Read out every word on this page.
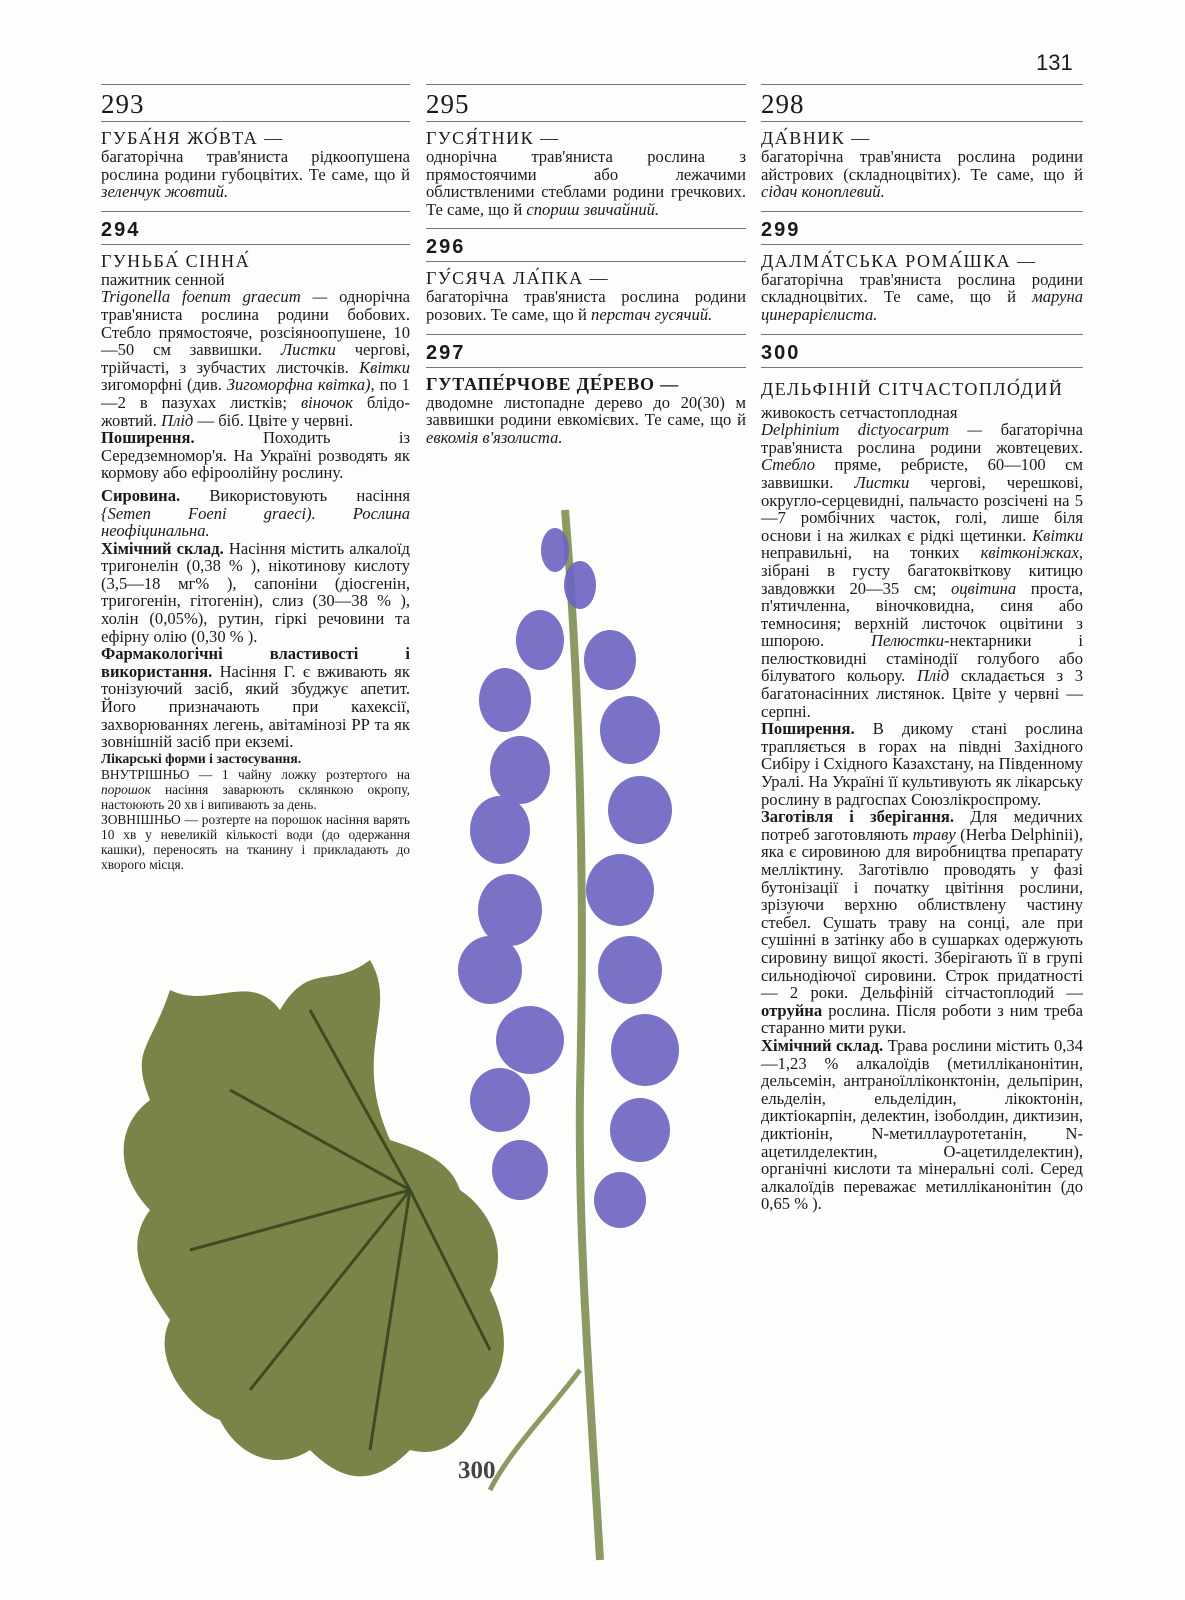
131
300
293
ГУБА́НЯ ЖО́ВТА —

багаторічна трав'яниста рідкоопушена рослина родини губоцвітих. Те саме, що й зеленчук жовтий.

294
ГУНЬБА́ СІННА́

пажитник сенной
Trigonella foenum graecum — однорічна трав'яниста рослина родини бобових. Стебло прямостояче, розсіяноопушене, 10—50 см заввишки. Листки чергові, трійчасті, з зубчастих листочків. Квітки зигоморфні (див. Зигоморфна квітка), по 1—2 в пазухах листків; віночок блідо-жовтий. Плід — біб. Цвіте у червні.

Поширення.	Походить із Середземномор'я. На Україні розводять як кормову або ефіроолійну рослину.

Сировина. Використовують насіння {Semen Foeni graeci). Рослина неофіцинальна.

Хімічний склад. Насіння містить алкалоїд тригонелін (0,38 % ), нікотинову кислоту (3,5—18 мг% ), сапоніни (діосгенін, тригогенін, гітогенін), слиз (30—38 % ), холін (0,05%), рутин, гіркі речовини та ефірну олію (0,30 % ).

Фармакологічні властивості і використання. Насіння Г. є вживають як тонізуючий засіб, який збуджує апетит. Його призначають при кахексії, захворюваннях легень, авітамінозі РР та як зовнішній засіб при екземі.

Лікарські форми і застосування.

ВНУТРІШНЬО — 1 чайну ложку розтертого на порошок насіння заварюють склянкою окропу, настоюють 20 хв і випивають за день.

ЗОВНІШНЬО — розтерте на порошок насіння варять 10 хв у невеликій кількості води (до одержання кашки), переносять на тканину і прикладають до хворого місця.

295
ГУСЯ́ТНИК —

однорічна трав'яниста рослина з прямостоячими або лежачими облиствленими стеблами родини гречкових. Те саме, що й спориш звичайний.

296
ГУ́СЯЧА ЛА́ПКА —

багаторічна трав'яниста рослина родини розових. Те саме, що й перстач гусячий.

297
ГУТАПЕ́РЧОВЕ ДЕ́РЕВО —

дводомне листопадне дерево до 20(30) м заввишки родини евкомієвих. Те саме, що й евкомія в'язолиста.

298
ДА́ВНИК —

багаторічна трав'яниста рослина родини айстрових (складноцвітих). Те саме, що й сідач коноплевий.

299
ДАЛМА́ТСЬКА РОМА́ШКА —

багаторічна трав'яниста рослина родини складноцвітих. Те саме, що й маруна цинерарієлиста.

300
ДЕЛЬФІНІЙ СІТЧАСТОПЛО́ДИЙ

живокость сетчастоплодная
Delphinium dictyocarpum — багаторічна трав'яниста рослина родини жовтецевих. Стебло пряме, ребристе, 60—100 см заввишки. Листки чергові, черешкові, округло-серцевидні, пальчасто розсічені на 5—7 ромбічних часток, голі, лише біля основи і на жилках є рідкі щетинки. Квітки неправильні, на тонких квітконіжках, зібрані в густу багатоквіткову китицю завдовжки 20—35 см; оцвітина проста, п'ятичленна, віночковидна, синя або темносиня; верхній листочок оцвітини з шпорою.	Пелюстки-нектарники і пелюстковидні стамінодії голубого або білуватого кольору. Плід складається з 3 багатонасінних листянок. Цвіте у червні — серпні.

Поширення. В дикому стані рослина трапляється в горах на півдні Західного Сибіру і Східного Казахстану, на Південному Уралі. На Україні її культивують як лікарську рослину в радгоспах Союзлікроспрому.

Заготівля і зберігання. Для медичних потреб заготовляють траву (Herba Delphinii), яка є сировиною для виробництва препарату мелліктину. Заготівлю проводять у фазі бутонізації і початку цвітіння рослини, зрізуючи верхню облиствлену частину стебел. Сушать траву на сонці, але при сушінні в затінку або в сушарках одержують сировину вищої якості. Зберігають її в групі сильнодіючої сировини. Строк придатності — 2 роки. Дельфіній сітчастоплодий — отруйна рослина. Після роботи з ним треба старанно мити руки.

Хімічний склад. Трава рослини містить 0,34—1,23 % алкалоїдів (метилліканонітин, дельсемін, антраноїлліконктонін, дельпірин, ельделін, ельделідин, лікоктонін, диктіокарпін, делектин, ізоболдин, диктизин, диктіонін, N-метиллауротетанін, N-ацетилделектин, О-ацетилделектин), органічні кислоти та мінеральні солі. Серед алкалоїдів переважає метилліканонітин (до 0,65 % ).
